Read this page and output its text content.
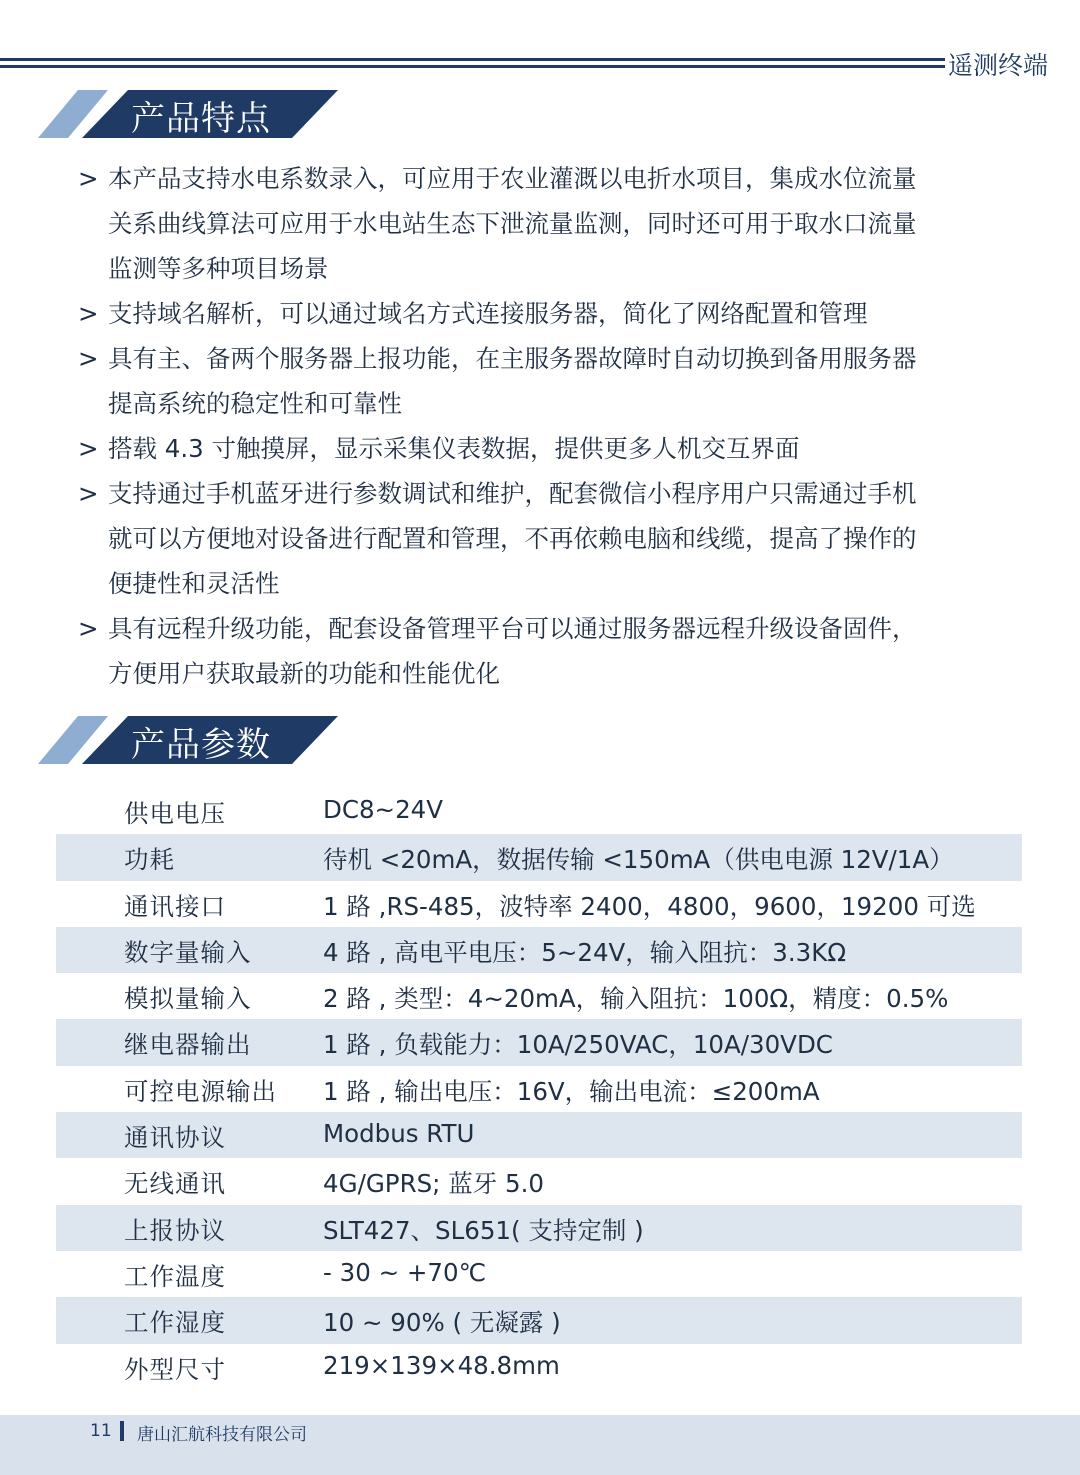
遥测终端
产品特点
> 本产品支持水电系数录入，可应用于农业灌溉以电折水项目，集成水位流量
关系曲线算法可应用于水电站生态下泄流量监测，同时还可用于取水口流量
监测等多种项目场景
> 支持域名解析，可以通过域名方式连接服务器，简化了网络配置和管理
> 具有主、备两个服务器上报功能，在主服务器故障时自动切换到备用服务器
提高系统的稳定性和可靠性
> 搭载 4.3 寸触摸屏，显示采集仪表数据，提供更多人机交互界面
> 支持通过手机蓝牙进行参数调试和维护，配套微信小程序用户只需通过手机
就可以方便地对设备进行配置和管理，不再依赖电脑和线缆，提高了操作的
便捷性和灵活性
> 具有远程升级功能，配套设备管理平台可以通过服务器远程升级设备固件，
方便用户获取最新的功能和性能优化
产品参数
供电电压	DC8~24V
功耗	待机 <20mA，数据传输 <150mA（供电电源 12V/1A）
通讯接口	1 路 ,RS-485，波特率 2400，4800，9600，19200 可选
数字量输入	4 路 , 高电平电压：5~24V，输入阻抗：3.3KΩ
模拟量输入	2 路 , 类型：4~20mA，输入阻抗：100Ω，精度：0.5%
继电器输出	1 路 , 负载能力：10A/250VAC，10A/30VDC
可控电源输出 1 路 , 输出电压：16V，输出电流：≤200mA
通讯协议	Modbus RTU
无线通讯	4G/GPRS; 蓝牙 5.0
上报协议	SLT427、SL651( 支持定制 )
工作温度	- 30 ~ +70℃
工作湿度	10 ~ 90% ( 无凝露 )
外型尺寸	219×139×48.8mm
11 唐山汇航科技有限公司
